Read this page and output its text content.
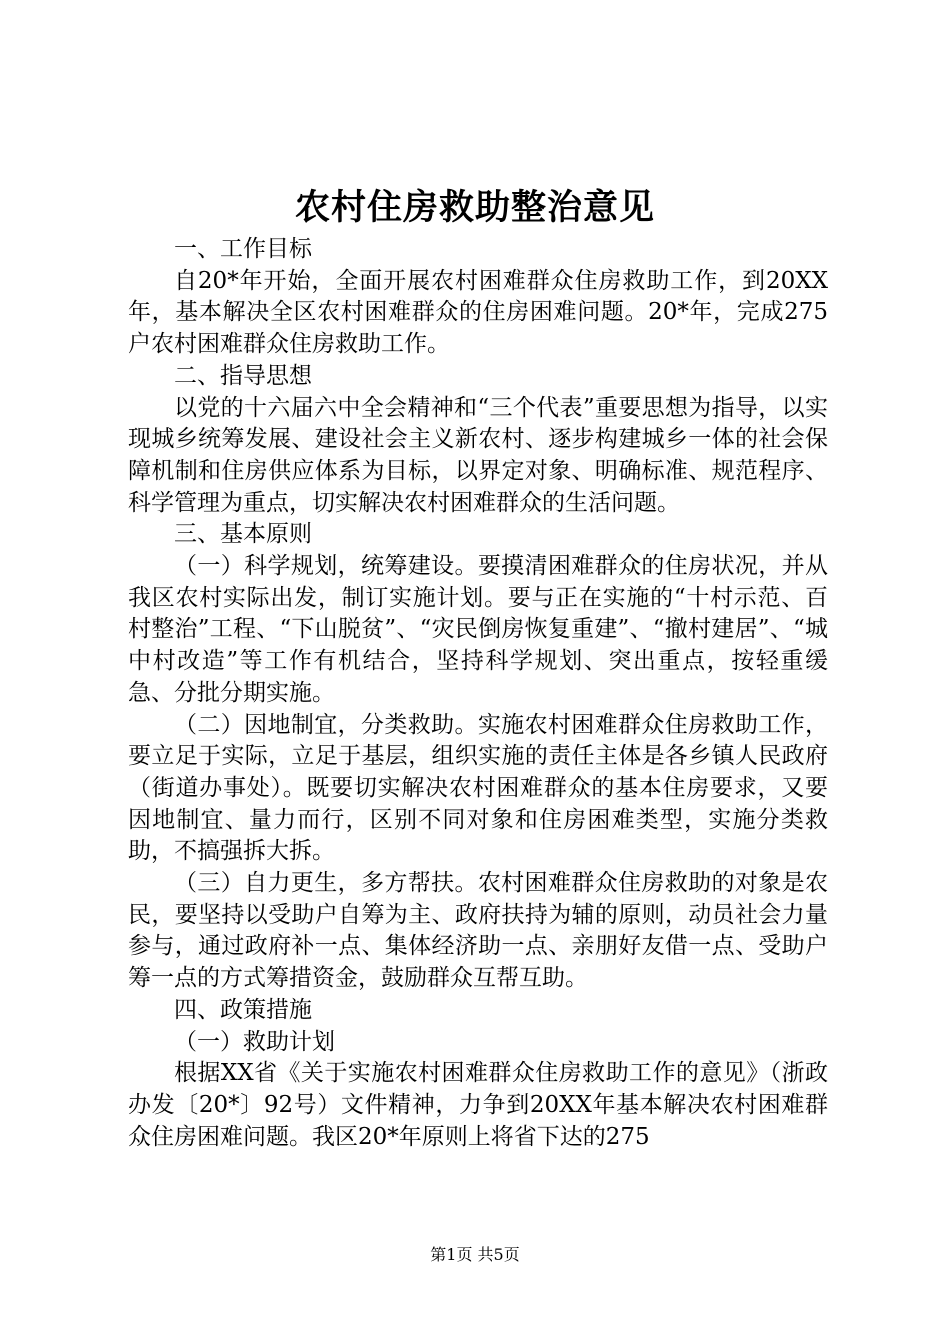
农村住房救助整治意见

一、工作目标

自20*年开始，全面开展农村困难群众住房救助工作，到20XX年，基本解决全区农村困难群众的住房困难问题。20*年，完成275户农村困难群众住房救助工作。

二、指导思想

以党的十六届六中全会精神和“三个代表”重要思想为指导，以实现城乡统筹发展、建设社会主义新农村、逐步构建城乡一体的社会保障机制和住房供应体系为目标，以界定对象、明确标准、规范程序、科学管理为重点，切实解决农村困难群众的生活问题。

三、基本原则

（一）科学规划，统筹建设。要摸清困难群众的住房状况，并从我区农村实际出发，制订实施计划。要与正在实施的“十村示范、百村整治”工程、“下山脱贫”、“灾民倒房恢复重建”、“撤村建居”、“城中村改造”等工作有机结合，坚持科学规划、突出重点，按轻重缓急、分批分期实施。

（二）因地制宜，分类救助。实施农村困难群众住房救助工作，要立足于实际，立足于基层，组织实施的责任主体是各乡镇人民政府（街道办事处）。既要切实解决农村困难群众的基本住房要求，又要因地制宜、量力而行，区别不同对象和住房困难类型，实施分类救助，不搞强拆大拆。

（三）自力更生，多方帮扶。农村困难群众住房救助的对象是农民，要坚持以受助户自筹为主、政府扶持为辅的原则，动员社会力量参与，通过政府补一点、集体经济助一点、亲朋好友借一点、受助户筹一点的方式筹措资金，鼓励群众互帮互助。

四、政策措施

（一）救助计划

根据XX省《关于实施农村困难群众住房救助工作的意见》（浙政办发〔20*〕92号）文件精神，力争到20XX年基本解决农村困难群众住房困难问题。我区20*年原则上将省下达的275

第1页 共5页
